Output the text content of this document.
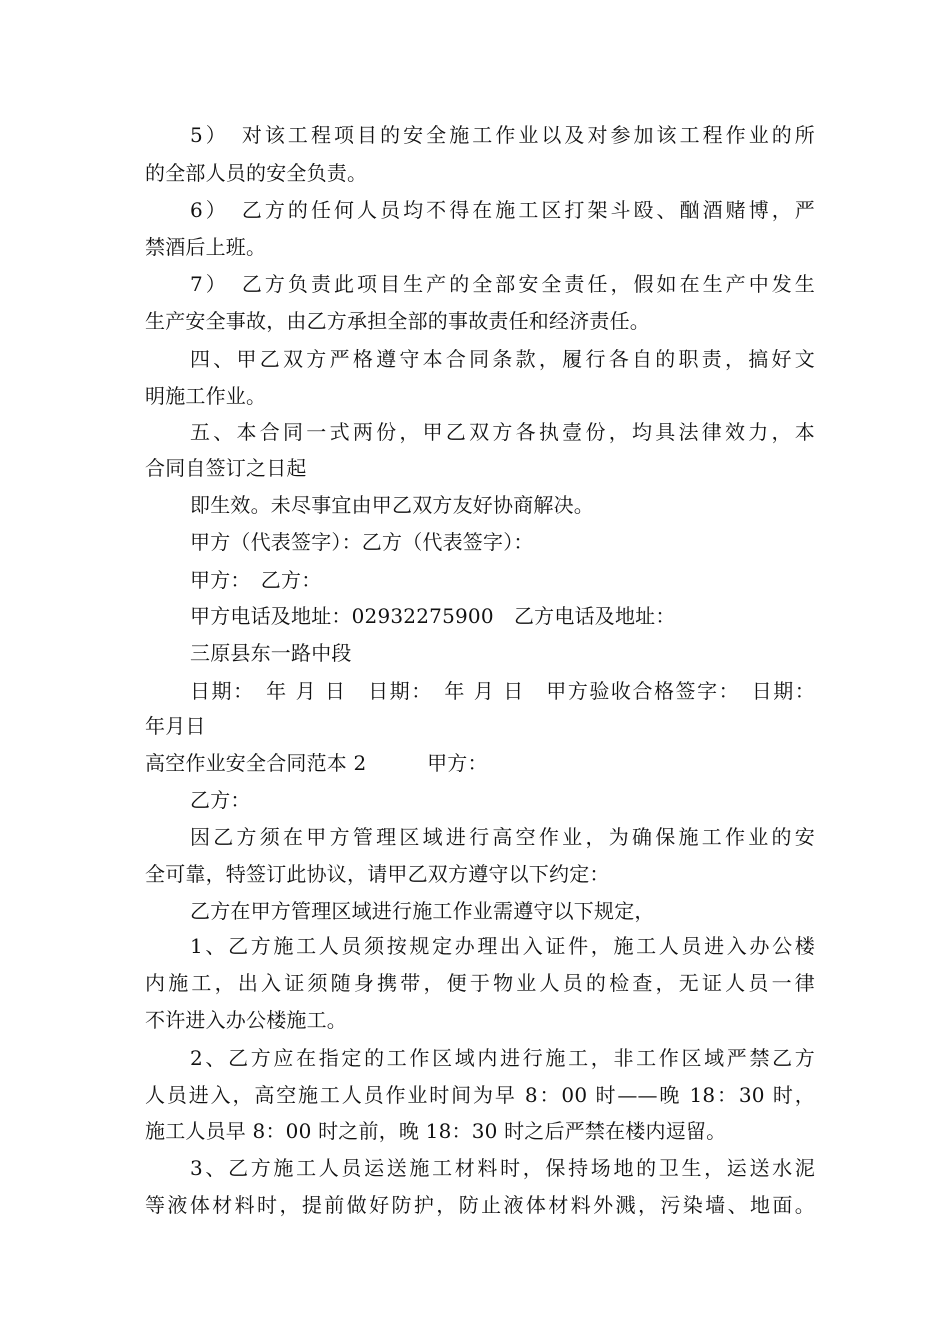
5）　对该工程项目的安全施工作业以及对参加该工程作业的所
的全部人员的安全负责。
6）　乙方的任何人员均不得在施工区打架斗殴、酗酒赌博，严
禁酒后上班。
7）　乙方负责此项目生产的全部安全责任，假如在生产中发生
生产安全事故，由乙方承担全部的事故责任和经济责任。
四、甲乙双方严格遵守本合同条款，履行各自的职责，搞好文
明施工作业。
五、本合同一式两份，甲乙双方各执壹份，均具法律效力，本
合同自签订之日起
即生效。未尽事宜由甲乙双方友好协商解决。
甲方（代表签字）：乙方（代表签字）：
甲方：　乙方：
甲方电话及地址：02932275900　乙方电话及地址：
三原县东一路中段
日期：　年 月 日　日期：　年 月 日　甲方验收合格签字：　日期：
年月日
高空作业安全合同范本 2　　　甲方：
乙方：
因乙方须在甲方管理区域进行高空作业，为确保施工作业的安
全可靠，特签订此协议，请甲乙双方遵守以下约定：
乙方在甲方管理区域进行施工作业需遵守以下规定，
1、乙方施工人员须按规定办理出入证件，施工人员进入办公楼
内施工，出入证须随身携带，便于物业人员的检查，无证人员一律
不许进入办公楼施工。
2、乙方应在指定的工作区域内进行施工，非工作区域严禁乙方
人员进入，高空施工人员作业时间为早 8：00 时——晚 18：30 时，
施工人员早 8：00 时之前，晚 18：30 时之后严禁在楼内逗留。
3、乙方施工人员运送施工材料时，保持场地的卫生，运送水泥
等液体材料时，提前做好防护，防止液体材料外溅，污染墙、地面。
